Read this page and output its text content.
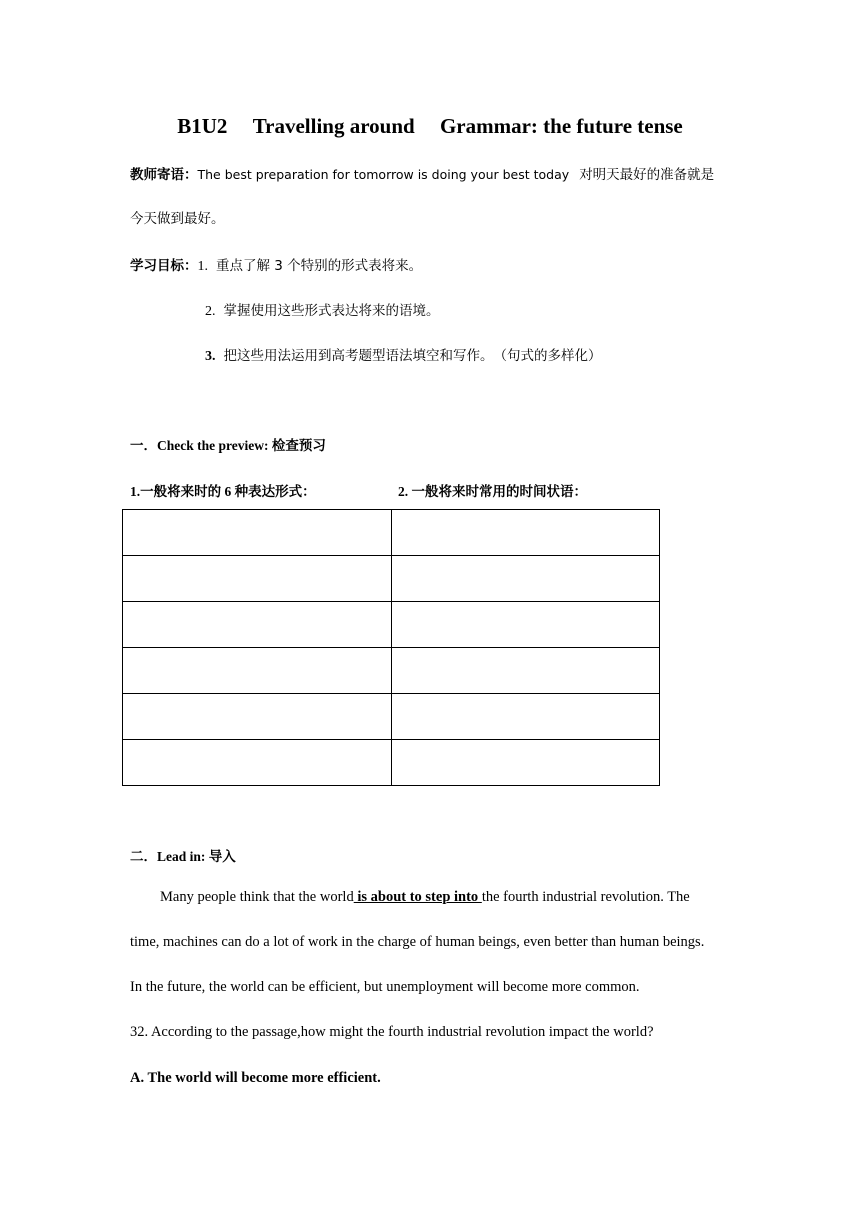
B1U2 Travelling around Grammar: the future tense
教师寄语：The best preparation for tomorrow is doing your best today 对明天最好的准备就是
今天做到最好。
学习目标：1. 重点了解 3 个特别的形式表将来。
2. 掌握使用这些形式表达将来的语境。
3. 把这些用法运用到高考题型语法填空和写作。　（句式的多样化）
一．Check the preview: 检查预习
1.一般将来时的 6 种表达形式：	2. 一般将来时常用的时间状语：

二．Lead in: 导入
Many people think that the world is about to step into the fourth industrial revolution. The
time, machines can do a lot of work in the charge of human beings, even better than human beings.
In the future, the world can be efficient, but unemployment will become more common.
32. According to the passage,how might the fourth industrial revolution impact the world?
A. The world will become more efficient.
